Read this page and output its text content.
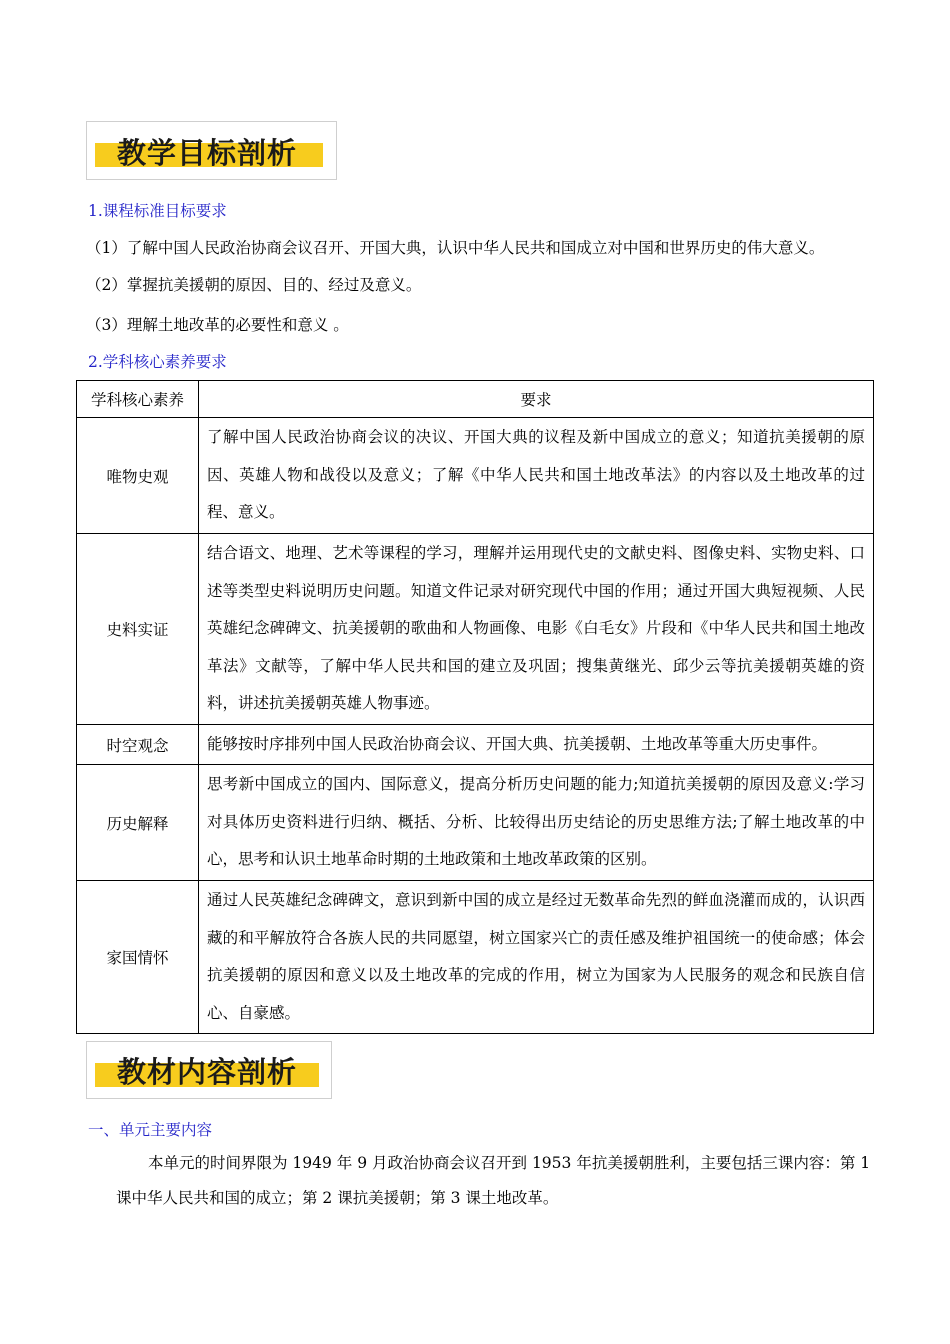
教学目标剖析
1.课程标准目标要求
（1）了解中国人民政治协商会议召开、开国大典，认识中华人民共和国成立对中国和世界历史的伟大意义。
（2）掌握抗美援朝的原因、目的、经过及意义。
（3）理解土地改革的必要性和意义 。
2.学科核心素养要求
学科核心素养	要求
唯物史观	了解中国人民政治协商会议的决议、开国大典的议程及新中国成立的意义；知道抗美援朝的原因、英雄人物和战役以及意义；了解《中华人民共和国土地改革法》的内容以及土地改革的过程、意义。
史料实证	结合语文、地理、艺术等课程的学习，理解并运用现代史的文献史料、图像史料、实物史料、口述等类型史料说明历史问题。知道文件记录对研究现代中国的作用；通过开国大典短视频、人民英雄纪念碑碑文、抗美援朝的歌曲和人物画像、电影《白毛女》片段和《中华人民共和国土地改革法》文献等，了解中华人民共和国的建立及巩固；搜集黄继光、邱少云等抗美援朝英雄的资料，讲述抗美援朝英雄人物事迹。
时空观念	能够按时序排列中国人民政治协商会议、开国大典、抗美援朝、土地改革等重大历史事件。
历史解释	思考新中国成立的国内、国际意义，提高分析历史问题的能力;知道抗美援朝的原因及意义:学习对具体历史资料进行归纳、概括、分析、比较得出历史结论的历史思维方法;了解土地改革的中心，思考和认识土地革命时期的土地政策和土地改革政策的区别。
家国情怀	通过人民英雄纪念碑碑文，意识到新中国的成立是经过无数革命先烈的鲜血浇灌而成的，认识西藏的和平解放符合各族人民的共同愿望，树立国家兴亡的责任感及维护祖国统一的使命感；体会抗美援朝的原因和意义以及土地改革的完成的作用，树立为国家为人民服务的观念和民族自信心、自豪感。
教材内容剖析
一、单元主要内容
本单元的时间界限为 1949 年 9 月政治协商会议召开到 1953 年抗美援朝胜利，主要包括三课内容：第 1 课中华人民共和国的成立；第 2 课抗美援朝；第 3 课土地改革。
